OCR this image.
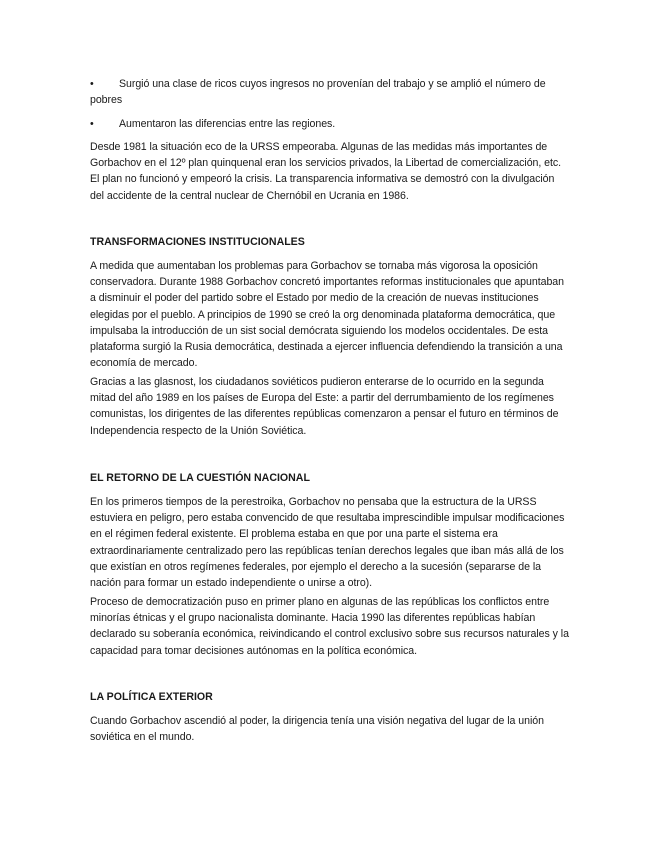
•	Surgió una clase de ricos cuyos ingresos no provenían del trabajo y se amplió el número de pobres
•	Aumentaron las diferencias entre las regiones.

Desde 1981 la situación eco de la URSS empeoraba. Algunas de las medidas más importantes de Gorbachov en el 12º plan quinquenal eran los servicios privados, la Libertad de comercialización, etc. El plan no funcionó y empeoró la crisis. La transparencia informativa se demostró con la divulgación del accidente de la central nuclear de Chernóbil en Ucrania en 1986.

TRANSFORMACIONES INSTITUCIONALES

A medida que aumentaban los problemas para Gorbachov se tornaba más vigorosa la oposición conservadora. Durante 1988 Gorbachov concretó importantes reformas institucionales que apuntaban a disminuir el poder del partido sobre el Estado por medio de la creación de nuevas instituciones elegidas por el pueblo. A principios de 1990 se creó la org denominada plataforma democrática, que impulsaba la introducción de un sist social demócrata siguiendo los modelos occidentales. De esta plataforma surgió la Rusia democrática, destinada a ejercer influencia defendiendo la transición a una economía de mercado.

Gracias a las glasnost, los ciudadanos soviéticos pudieron enterarse de lo ocurrido en la segunda mitad del año 1989 en los países de Europa del Este: a partir del derrumbamiento de los regímenes comunistas, los dirigentes de las diferentes repúblicas comenzaron a pensar el futuro en términos de Independencia respecto de la Unión Soviética.

EL RETORNO DE LA CUESTIÓN NACIONAL

En los primeros tiempos de la perestroika, Gorbachov no pensaba que la estructura de la URSS estuviera en peligro, pero estaba convencido de que resultaba imprescindible impulsar modificaciones en el régimen federal existente. El problema estaba en que por una parte el sistema era extraordinariamente centralizado pero las repúblicas tenían derechos legales que iban más allá de los que existían en otros regímenes federales, por ejemplo el derecho a la sucesión (separarse de la nación para formar un estado independiente o unirse a otro).

Proceso de democratización puso en primer plano en algunas de las repúblicas los conflictos entre minorías étnicas y el grupo nacionalista dominante. Hacia 1990 las diferentes repúblicas habían declarado su soberanía económica, reivindicando el control exclusivo sobre sus recursos naturales y la capacidad para tomar decisiones autónomas en la política económica.

LA POLÍTICA EXTERIOR

Cuando Gorbachov ascendió al poder, la dirigencia tenía una visión negativa del lugar de la unión soviética en el mundo.
